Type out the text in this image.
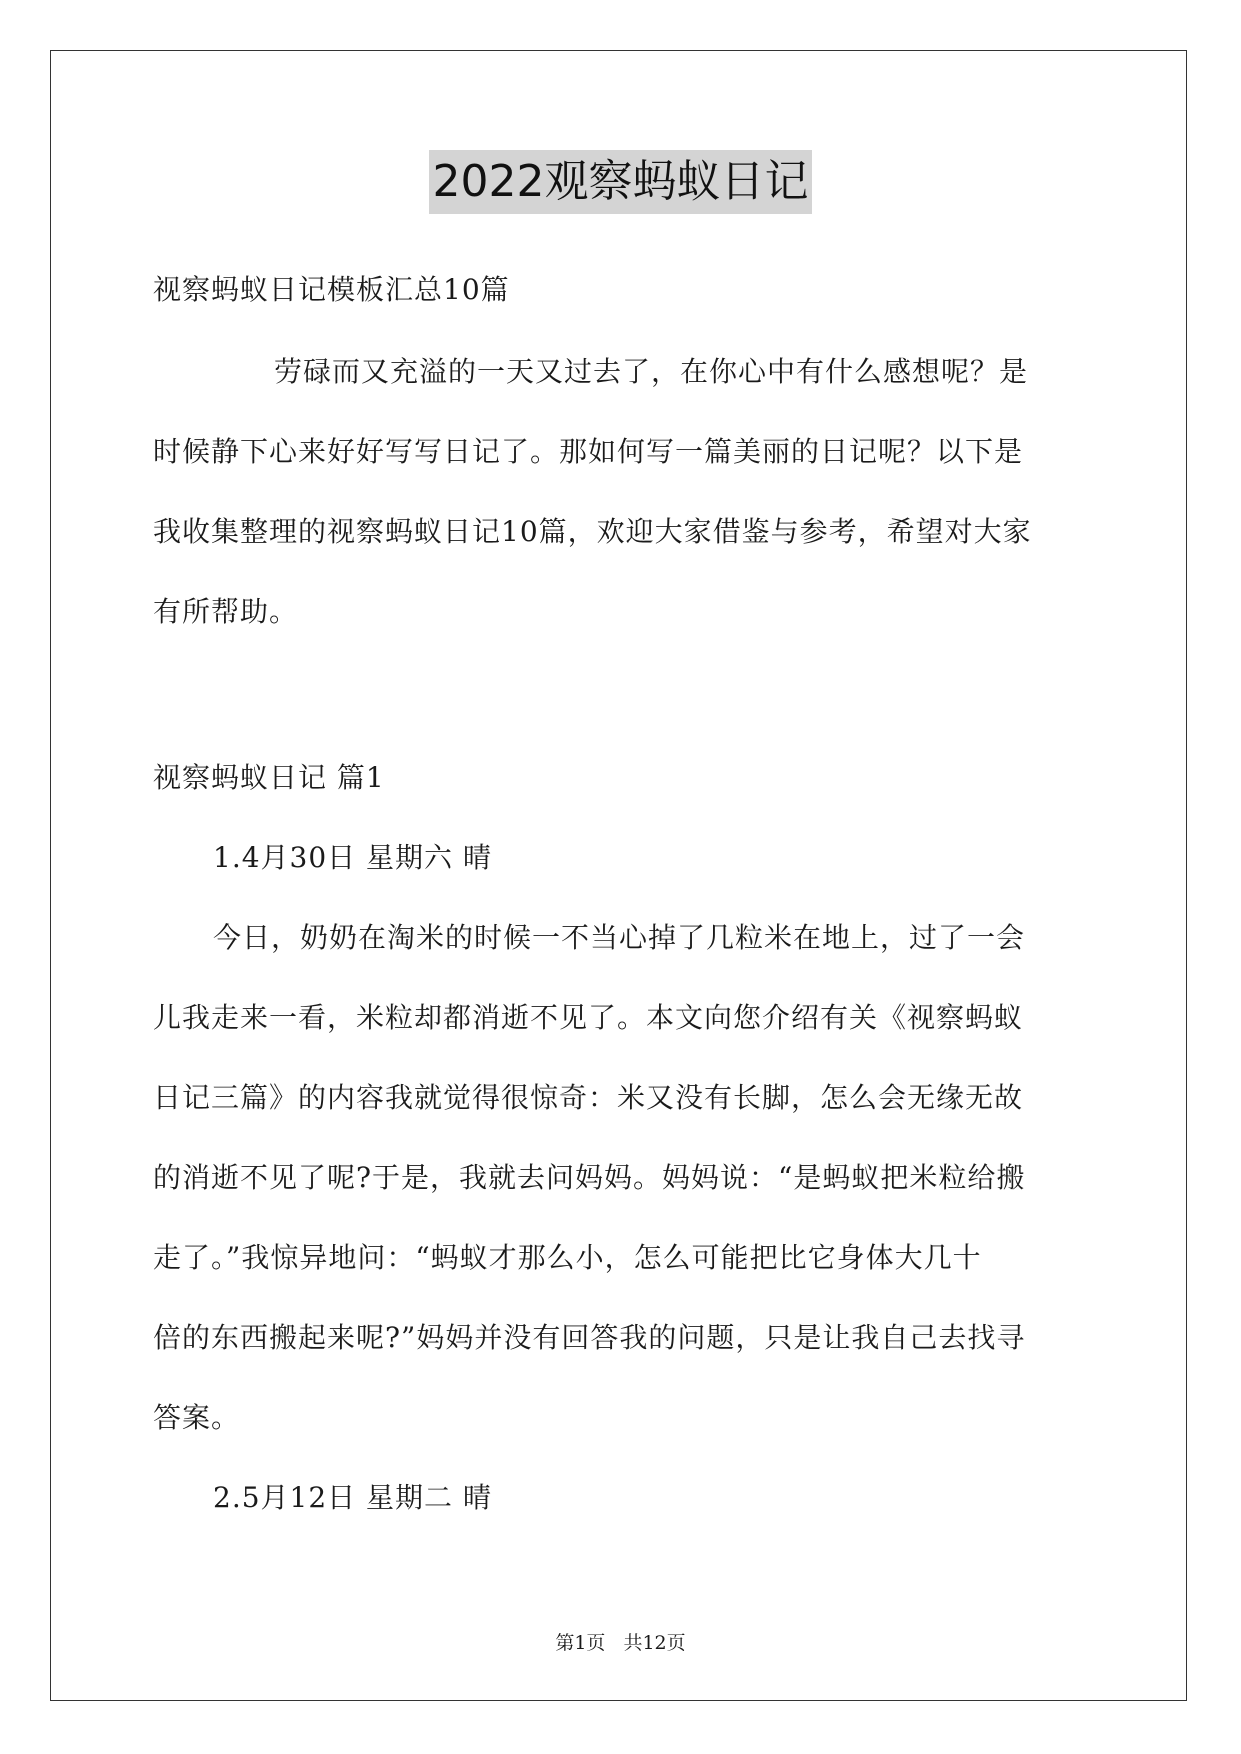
2022观察蚂蚁日记
视察蚂蚁日记模板汇总10篇
劳碌而又充溢的一天又过去了，在你心中有什么感想呢？是
时候静下心来好好写写日记了。那如何写一篇美丽的日记呢？以下是
我收集整理的视察蚂蚁日记10篇，欢迎大家借鉴与参考，希望对大家
有所帮助。
视察蚂蚁日记 篇1
1.4月30日 星期六 晴
今日，奶奶在淘米的时候一不当心掉了几粒米在地上，过了一会
儿我走来一看，米粒却都消逝不见了。本文向您介绍有关《视察蚂蚁
日记三篇》的内容我就觉得很惊奇：米又没有长脚，怎么会无缘无故
的消逝不见了呢?于是，我就去问妈妈。妈妈说：“是蚂蚁把米粒给搬
走了。”我惊异地问：“蚂蚁才那么小，怎么可能把比它身体大几十
倍的东西搬起来呢?”妈妈并没有回答我的问题，只是让我自己去找寻
答案。
2.5月12日 星期二 晴
第1页 共12页
